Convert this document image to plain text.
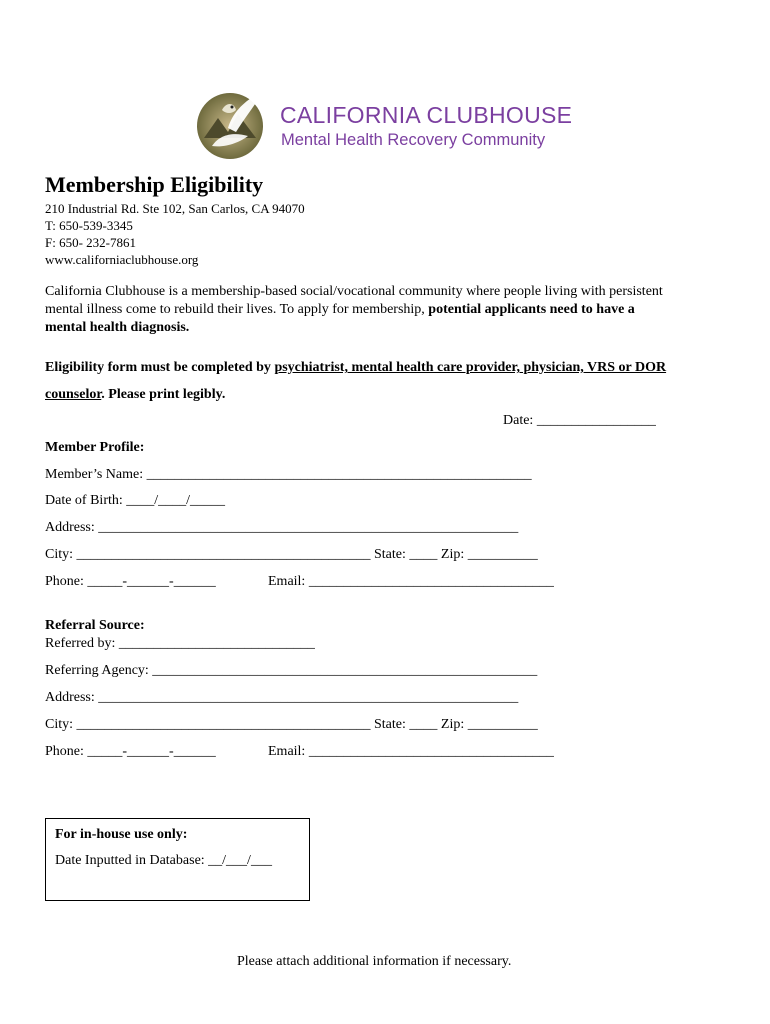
CALIFORNIA CLUBHOUSE
Mental Health Recovery Community
Membership Eligibility
210 Industrial Rd. Ste 102, San Carlos, CA 94070
T: 650-539-3345
F: 650- 232-7861
www.californiaclubhouse.org
California Clubhouse is a membership-based social/vocational community where people living with persistent
mental illness come to rebuild their lives. To apply for membership, potential applicants need to have a
mental health diagnosis.
Eligibility form must be completed by psychiatrist, mental health care provider, physician, VRS or DOR
counselor. Please print legibly.
Date: _________________
Member Profile:
Member’s Name: _______________________________________________________
Date of Birth: ____/____/_____
Address: ____________________________________________________________
City: __________________________________________ State: ____ Zip: __________
Phone: _____-______-______	Email: ___________________________________
Referral Source:
Referred by: ____________________________
Referring Agency: _______________________________________________________
Address: ____________________________________________________________
City: __________________________________________ State: ____ Zip: __________
Phone: _____-______-______	Email: ___________________________________
For in-house use only:
Date Inputted in Database: __/___/___
Please attach additional information if necessary.
